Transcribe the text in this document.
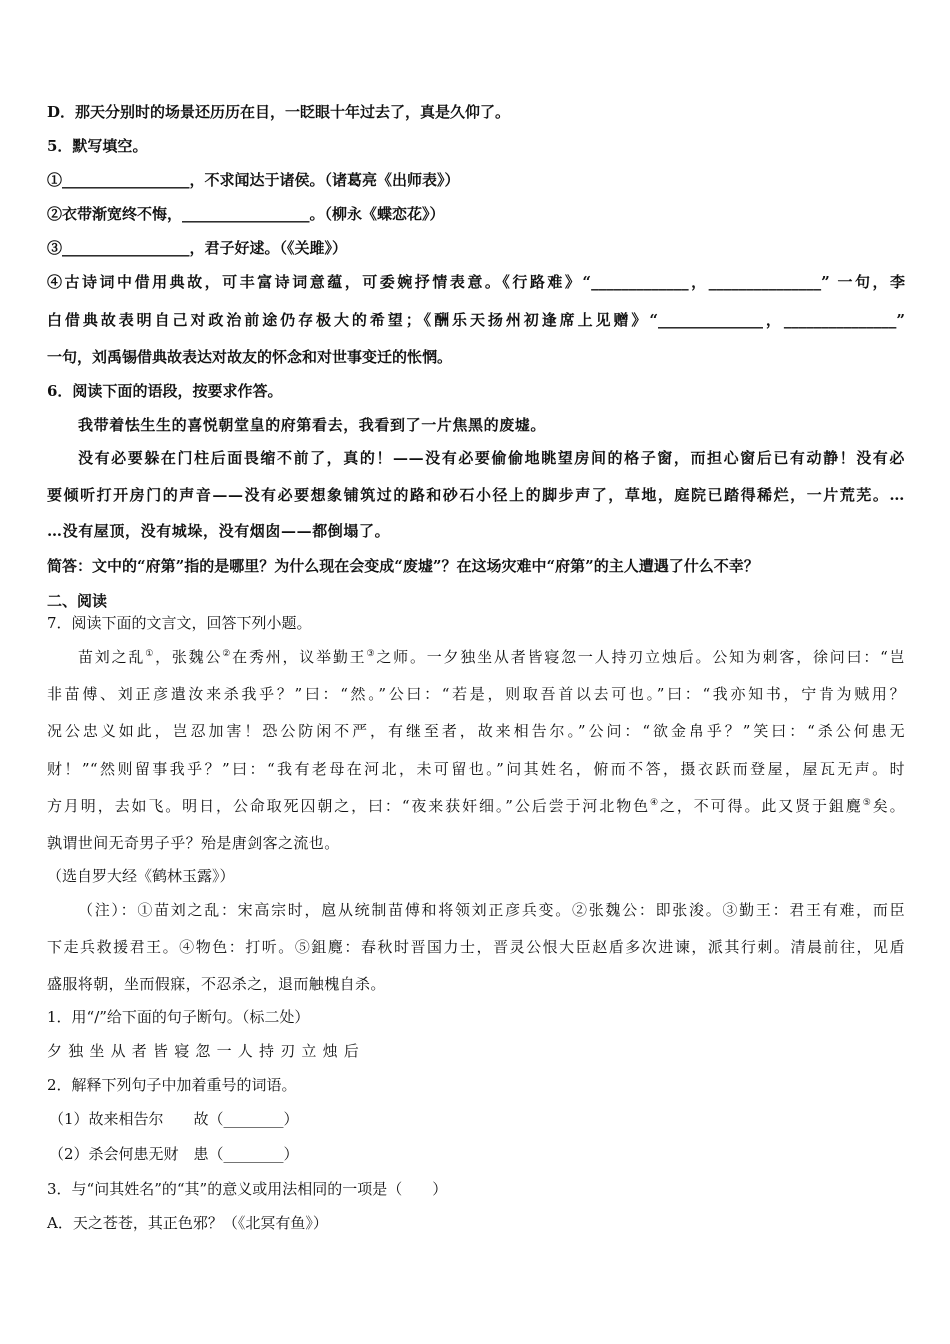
D．那天分别时的场景还历历在目，一眨眼十年过去了，真是久仰了。
5．默写填空。
①_________________，不求闻达于诸侯。（诸葛亮《出师表》）
②衣带渐宽终不悔，_________________。（柳永《蝶恋花》）
③_________________，君子好逑。（《关雎》）
④古诗词中借用典故，可丰富诗词意蕴，可委婉抒情表意。《行路难》“_____________，_______________” 一句，李
白借典故表明自己对政治前途仍存极大的希望；《酬乐天扬州初逢席上见赠》“______________，_______________”
一句，刘禹锡借典故表达对故友的怀念和对世事变迁的怅惘。
6．阅读下面的语段，按要求作答。
我带着怯生生的喜悦朝堂皇的府第看去，我看到了一片焦黑的废墟。
没有必要躲在门柱后面畏缩不前了，真的！——没有必要偷偷地眺望房间的格子窗，而担心窗后已有动静！没有必
要倾听打开房门的声音——没有必要想象铺筑过的路和砂石小径上的脚步声了，草地，庭院已踏得稀烂，一片荒芜。…
…没有屋顶，没有城垛，没有烟囱——都倒塌了。
简答：文中的“府第”指的是哪里？为什么现在会变成“废墟”？在这场灾难中“府第”的主人遭遇了什么不幸？
二、阅读
7．阅读下面的文言文，回答下列小题。
苗刘之乱①，张魏公②在秀州，议举勤王③之师。一夕独坐从者皆寝忽一人持刃立烛后。公知为刺客，徐问曰：“岂
非苗傅、刘正彦遣汝来杀我乎？”曰：“然。”公曰：“若是，则取吾首以去可也。”曰：“我亦知书，宁肯为贼用？
况公忠义如此，岂忍加害！恐公防闲不严，有继至者，故来相告尔。”公问：“欲金帛乎？”笑曰：“杀公何患无
财！”“然则留事我乎？”曰：“我有老母在河北，未可留也。”问其姓名，俯而不答，摄衣跃而登屋，屋瓦无声。时
方月明，去如飞。明日，公命取死囚朝之，曰：“夜来获奸细。”公后尝于河北物色④之，不可得。此又贤于鉏麑⑤矣。
孰谓世间无奇男子乎？殆是唐剑客之流也。
（选自罗大经《鹤林玉露》）
（注）：①苗刘之乱：宋高宗时，扈从统制苗傅和将领刘正彦兵变。②张魏公：即张浚。③勤王：君王有难，而臣
下走兵救援君王。④物色：打听。⑤鉏麑：春秋时晋国力士，晋灵公恨大臣赵盾多次进谏，派其行刺。清晨前往，见盾
盛服将朝，坐而假寐，不忍杀之，退而触槐自杀。
1．用“/”给下面的句子断句。（标二处）
夕独坐从者皆寝忽一人持刃立烛后
2．解释下列句子中加着重号的词语。
（1）故来相告尔　　故（________）
（2）杀会何患无财　患（________）
3．与“问其姓名”的“其”的意义或用法相同的一项是（　　）
A．天之苍苍，其正色邪？（《北冥有鱼》）
